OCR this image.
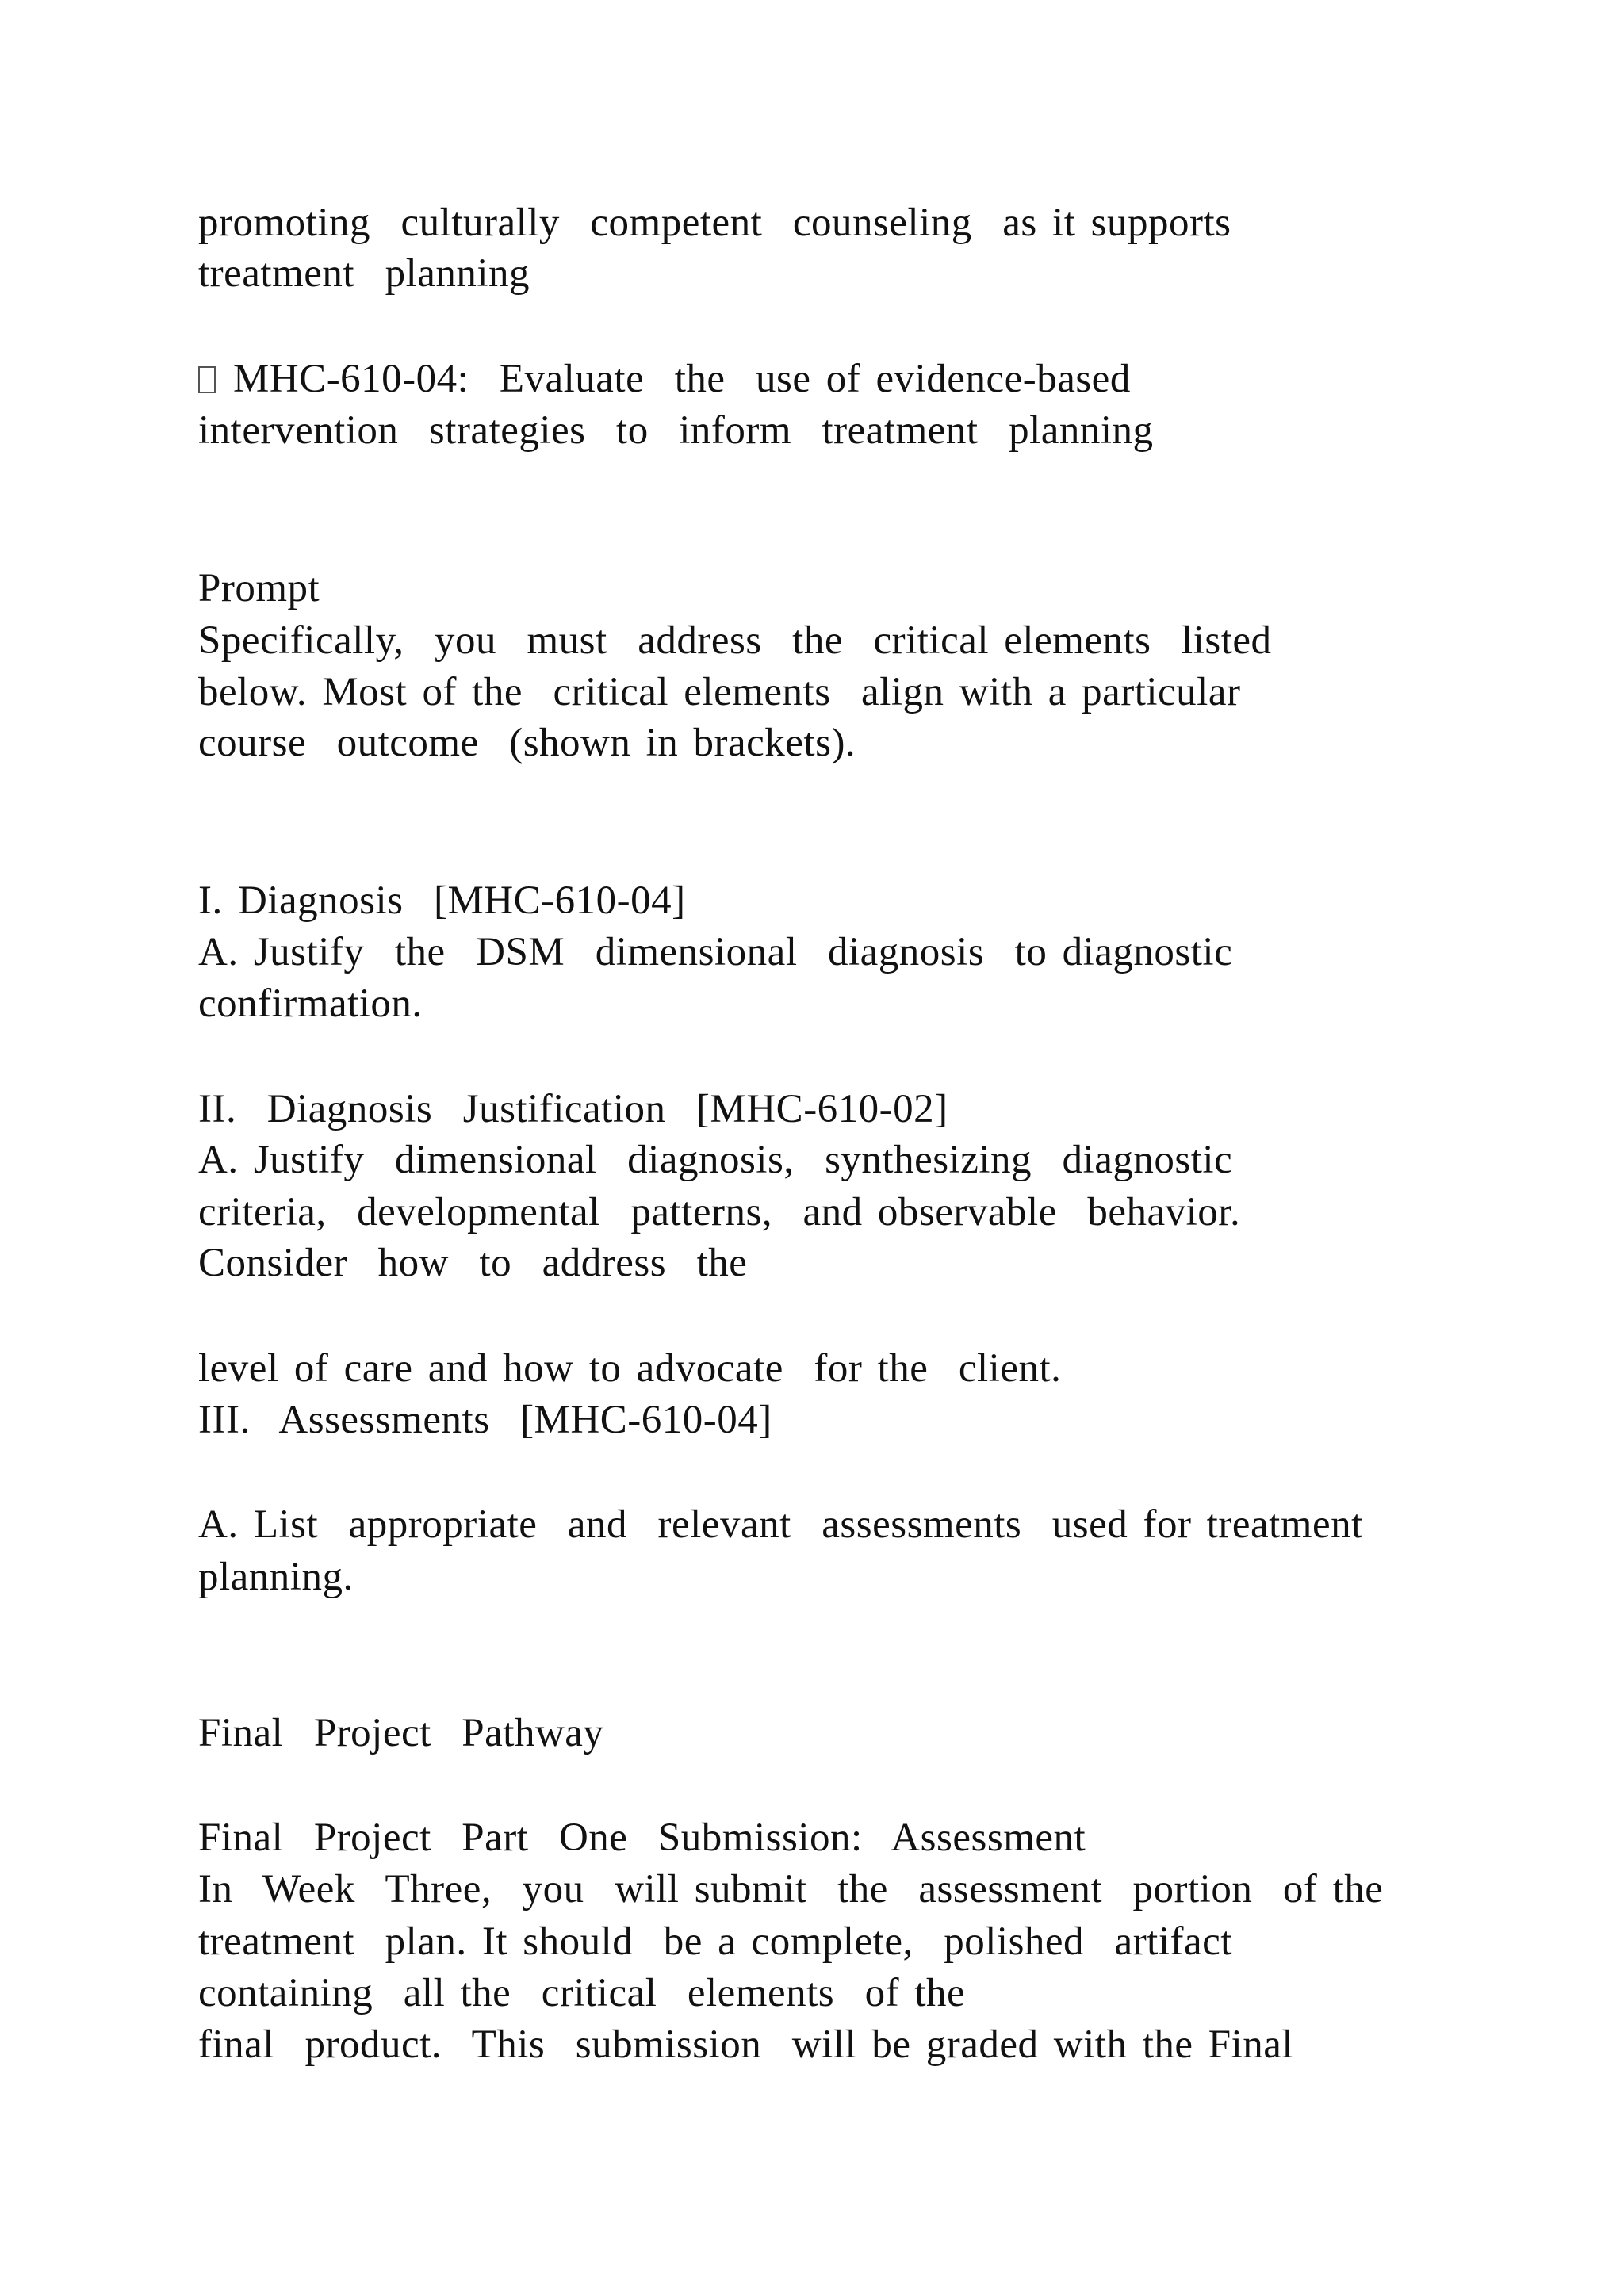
promoting  culturally  competent  counseling  as it supports

treatment  planning

MHC-610-04:  Evaluate  the  use of evidence-based

intervention  strategies  to  inform  treatment  planning

Prompt

Specifically,  you  must  address  the  critical elements  listed

below. Most of the  critical elements  align with a particular

course  outcome  (shown in brackets).

I. Diagnosis  [MHC-610-04]

A. Justify  the  DSM  dimensional  diagnosis  to diagnostic

confirmation.

II.  Diagnosis  Justification  [MHC-610-02]

A. Justify  dimensional  diagnosis,  synthesizing  diagnostic

criteria,  developmental  patterns,  and observable  behavior.

Consider  how  to  address  the

level of care and how to advocate  for the  client.

III.  Assessments  [MHC-610-04]

A. List  appropriate  and  relevant  assessments  used for treatment

planning.

Final  Project  Pathway

Final  Project  Part  One  Submission:  Assessment

In  Week  Three,  you  will submit  the  assessment  portion  of the

treatment  plan. It should  be a complete,  polished  artifact

containing  all the  critical  elements  of the

final  product.  This  submission  will be graded with the Final
